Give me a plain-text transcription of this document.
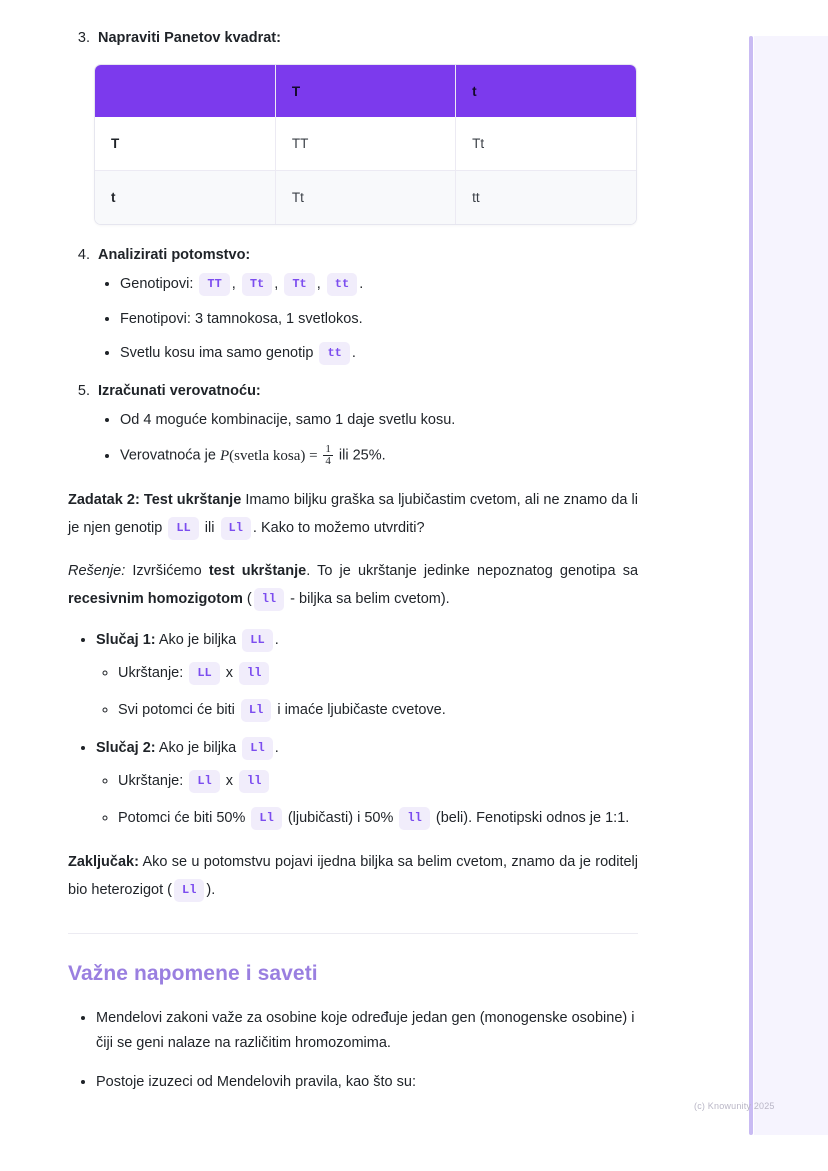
3. Napraviti Panetov kvadrat:
	T	t
T	TT	Tt
t	Tt	tt
4. Analizirati potomstvo:
• Genotipovi: TT , Tt , Tt , tt .
• Fenotipovi: 3 tamnokosa, 1 svetlokos.
• Svetlu kosu ima samo genotip tt .
5. Izračunati verovatnoću:
• Od 4 moguće kombinacije, samo 1 daje svetlu kosu.
• Verovatnoća je P(svetla kosa) = $\frac{1}{4}$ ili 25%.

Zadatak 2: Test ukrštanje Imamo biljku graška sa ljubičastim cvetom, ali ne znamo da li je njen genotip LL ili Ll . Kako to možemo utvrditi?

Rešenje: Izvršićemo test ukrštanje. To je ukrštanje jedinke nepoznatog genotipa sa recesivnim homozigotom ( ll - biljka sa belim cvetom).

• Slučaj 1: Ako je biljka LL .
◦ Ukrštanje: LL x ll
◦ Svi potomci će biti Ll i imaće ljubičaste cvetove.
• Slučaj 2: Ako je biljka Ll .
◦ Ukrštanje: Ll x ll
◦ Potomci će biti 50% Ll (ljubičasti) i 50% ll (beli). Fenotipski odnos je 1:1.

Zaključak: Ako se u potomstvu pojavi ijedna biljka sa belim cvetom, znamo da je roditelj bio heterozigot ( Ll ).

Važne napomene i saveti
• Mendelovi zakoni važe za osobine koje određuje jedan gen (monogenske osobine) i čiji se geni nalaze na različitim hromozomima.
• Postoje izuzeci od Mendelovih pravila, kao što su:
(c) Knowunity 2025
